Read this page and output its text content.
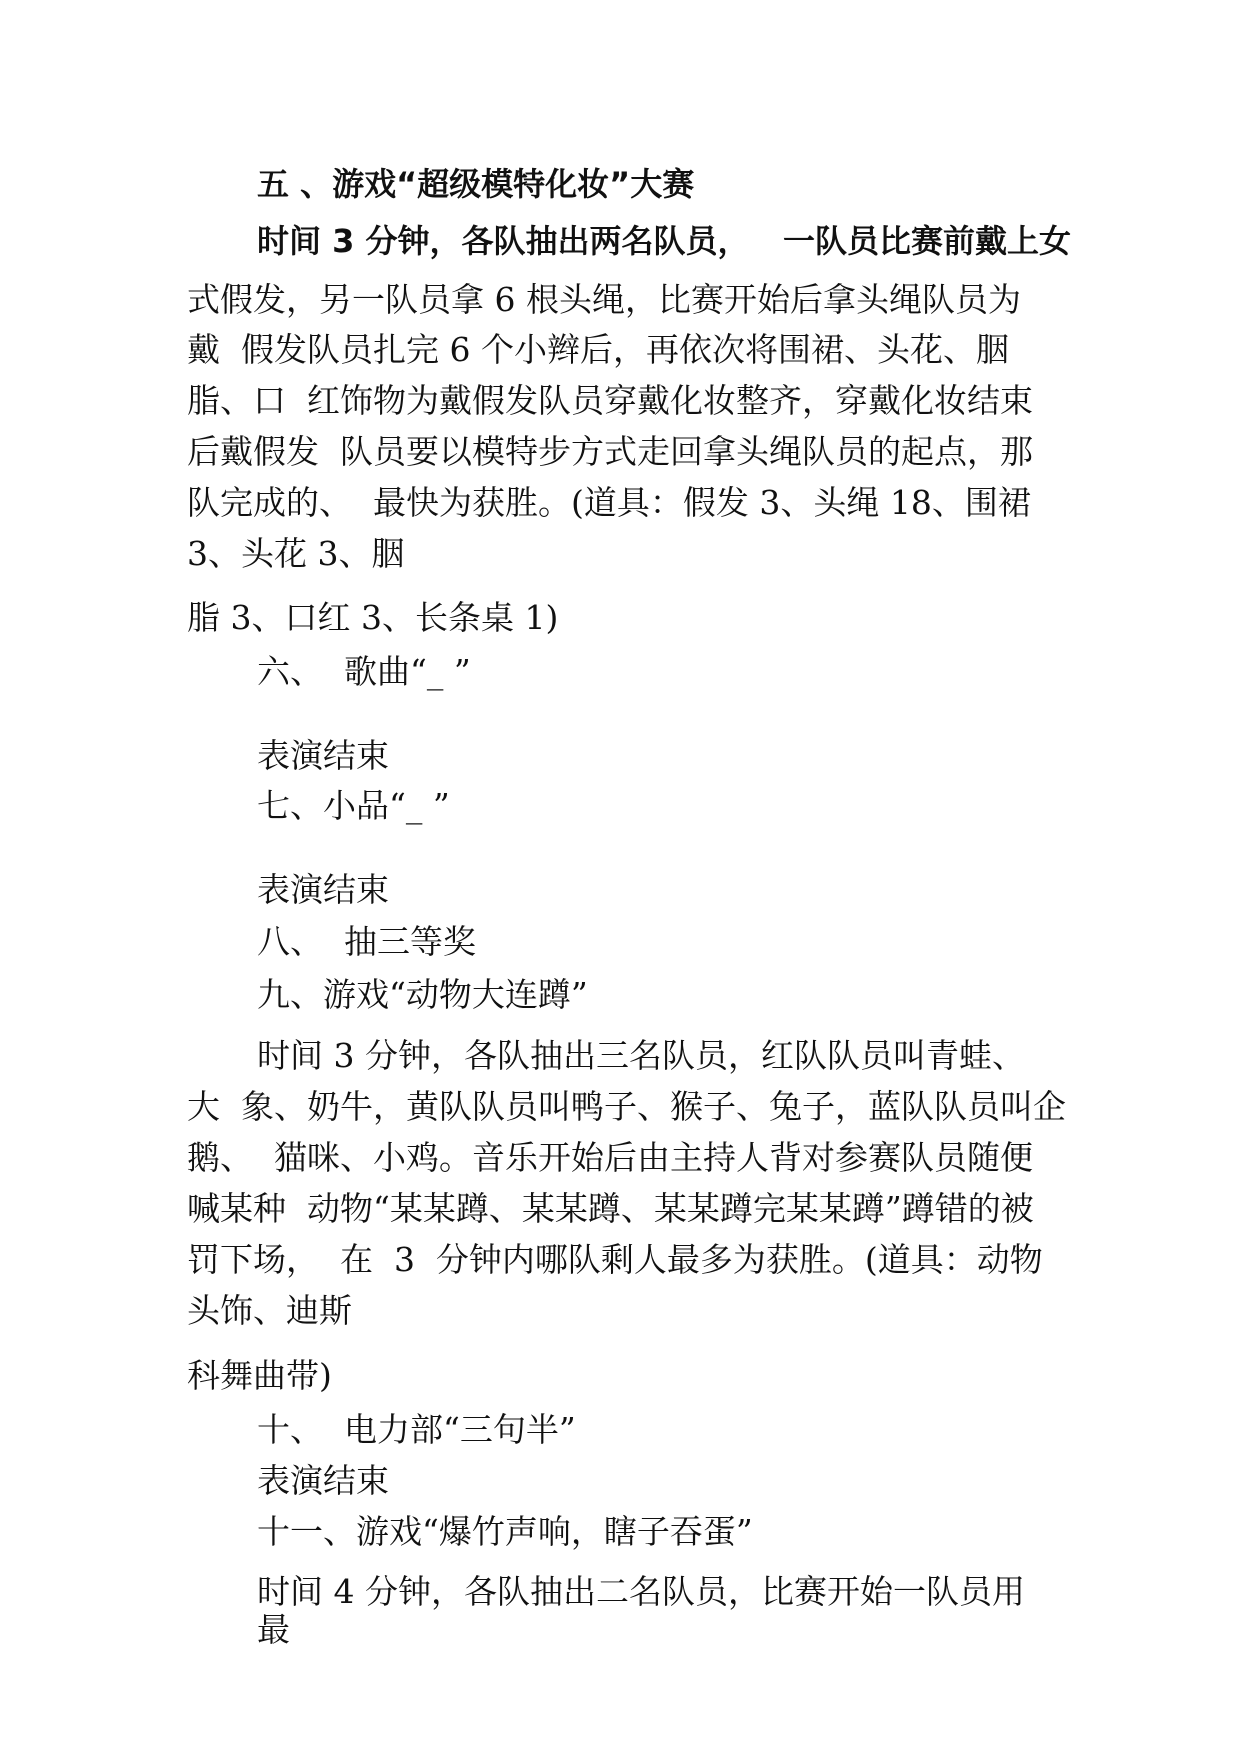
五 、游戏“超级模特化妆”大赛
时间 3 分钟，各队抽出两名队员，   一队员比赛前戴上女
式假发，另一队员拿 6 根头绳，比赛开始后拿头绳队员为
戴  假发队员扎完 6 个小辫后，再依次将围裙、头花、胭
脂、口  红饰物为戴假发队员穿戴化妆整齐，穿戴化妆结束
后戴假发  队员要以模特步方式走回拿头绳队员的起点，那
队完成的、  最快为获胜。(道具：假发 3、头绳 18、围裙
3、头花 3、胭
脂 3、口红 3、长条桌 1)
六、  歌曲“_ ”
表演结束
七、小品“_ ”
表演结束
八、  抽三等奖
九、游戏“动物大连蹲”
时间 3 分钟，各队抽出三名队员，红队队员叫青蛙、
大  象、奶牛，黄队队员叫鸭子、猴子、兔子，蓝队队员叫企
鹅、  猫咪、小鸡。音乐开始后由主持人背对参赛队员随便
喊某种  动物“某某蹲、某某蹲、某某蹲完某某蹲”蹲错的被
罚下场，  在  3  分钟内哪队剩人最多为获胜。(道具：动物
头饰、迪斯
科舞曲带)
十、  电力部“三句半”
表演结束
十一、游戏“爆竹声响，瞎子吞蛋”
时间 4 分钟，各队抽出二名队员，比赛开始一队员用
最
